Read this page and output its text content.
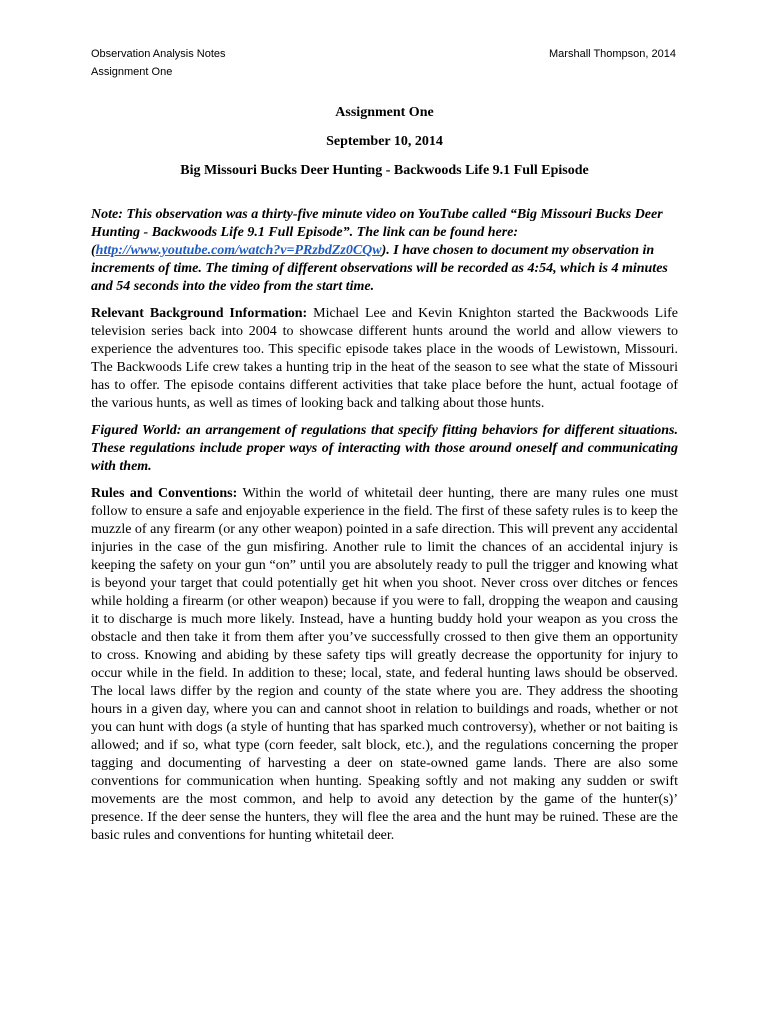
Observation Analysis Notes	Marshall Thompson, 2014
Assignment One

Assignment One

September 10, 2014

Big Missouri Bucks Deer Hunting - Backwoods Life 9.1 Full Episode

Note: This observation was a thirty-five minute video on YouTube called “Big Missouri Bucks Deer Hunting - Backwoods Life 9.1 Full Episode”. The link can be found here: (http://www.youtube.com/watch?v=PRzbdZz0CQw). I have chosen to document my observation in increments of time. The timing of different observations will be recorded as 4:54, which is 4 minutes and 54 seconds into the video from the start time.

Relevant Background Information: Michael Lee and Kevin Knighton started the Backwoods Life television series back into 2004 to showcase different hunts around the world and allow viewers to experience the adventures too. This specific episode takes place in the woods of Lewistown, Missouri. The Backwoods Life crew takes a hunting trip in the heat of the season to see what the state of Missouri has to offer. The episode contains different activities that take place before the hunt, actual footage of the various hunts, as well as times of looking back and talking about those hunts.

Figured World: an arrangement of regulations that specify fitting behaviors for different situations. These regulations include proper ways of interacting with those around oneself and communicating with them.

Rules and Conventions: Within the world of whitetail deer hunting, there are many rules one must follow to ensure a safe and enjoyable experience in the field. The first of these safety rules is to keep the muzzle of any firearm (or any other weapon) pointed in a safe direction. This will prevent any accidental injuries in the case of the gun misfiring. Another rule to limit the chances of an accidental injury is keeping the safety on your gun “on” until you are absolutely ready to pull the trigger and knowing what is beyond your target that could potentially get hit when you shoot. Never cross over ditches or fences while holding a firearm (or other weapon) because if you were to fall, dropping the weapon and causing it to discharge is much more likely. Instead, have a hunting buddy hold your weapon as you cross the obstacle and then take it from them after you’ve successfully crossed to then give them an opportunity to cross. Knowing and abiding by these safety tips will greatly decrease the opportunity for injury to occur while in the field. In addition to these; local, state, and federal hunting laws should be observed. The local laws differ by the region and county of the state where you are. They address the shooting hours in a given day, where you can and cannot shoot in relation to buildings and roads, whether or not you can hunt with dogs (a style of hunting that has sparked much controversy), whether or not baiting is allowed; and if so, what type (corn feeder, salt block, etc.), and the regulations concerning the proper tagging and documenting of harvesting a deer on state-owned game lands. There are also some conventions for communication when hunting. Speaking softly and not making any sudden or swift movements are the most common, and help to avoid any detection by the game of the hunter(s)’ presence. If the deer sense the hunters, they will flee the area and the hunt may be ruined. These are the basic rules and conventions for hunting whitetail deer.
